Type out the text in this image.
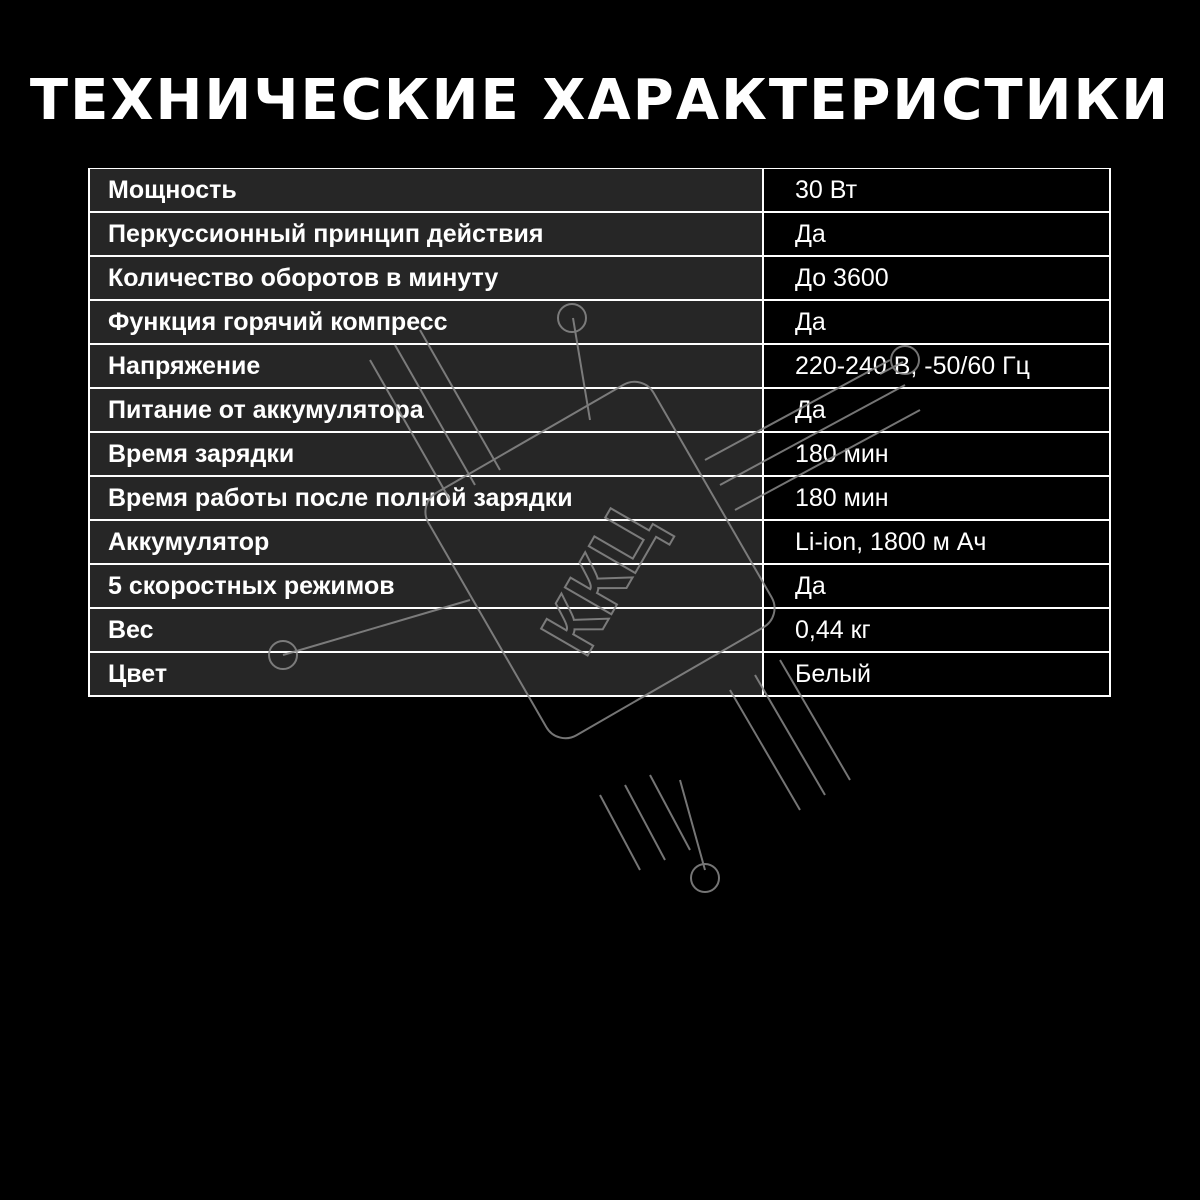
ТЕХНИЧЕСКИЕ ХАРАКТЕРИСТИКИ
Мощность	30 Вт
Перкуссионный принцип действия	Да
Количество оборотов в минуту	До 3600
Функция горячий компресс	Да
Напряжение	220-240 В, -50/60 Гц
Питание от аккумулятора	Да
Время зарядки	180 мин
Время работы после полной зарядки	180 мин
Аккумулятор	Li-ion, 1800 м Ач
5 скоростных режимов	Да
Вес	0,44 кг
Цвет	Белый
ККЦ
